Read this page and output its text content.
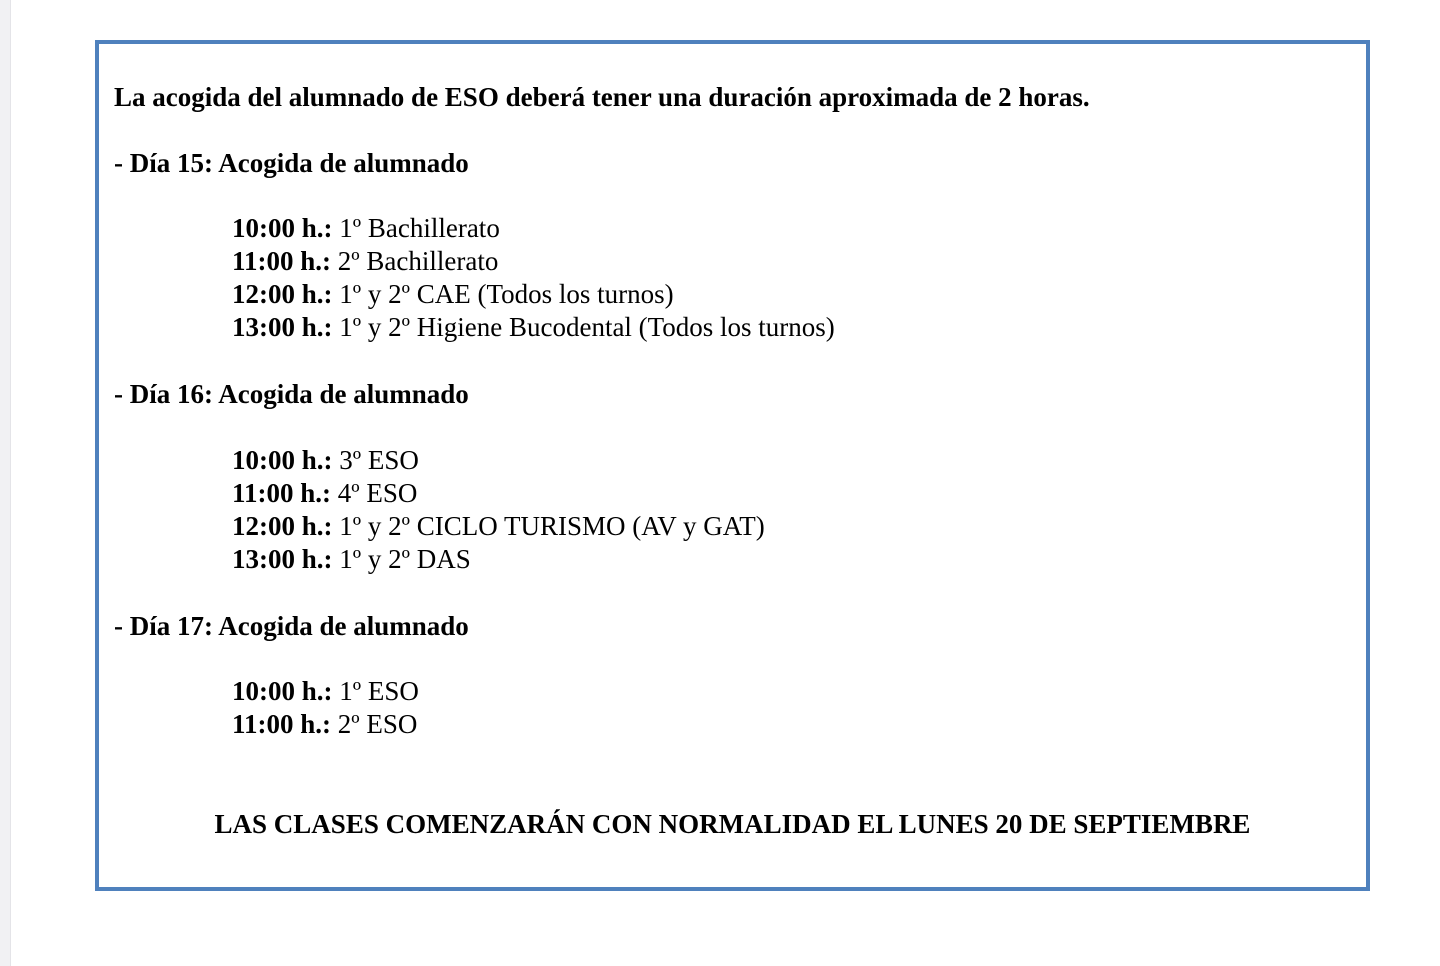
La acogida del alumnado de ESO deberá tener una duración aproximada de 2 horas.

- Día 15: Acogida de alumnado

10:00 h.: 1º Bachillerato

11:00 h.: 2º Bachillerato

12:00 h.: 1º y 2º CAE (Todos los turnos)

13:00 h.: 1º y 2º Higiene Bucodental (Todos los turnos)

- Día 16: Acogida de alumnado

10:00 h.: 3º ESO

11:00 h.: 4º ESO

12:00 h.: 1º y 2º CICLO TURISMO (AV y GAT)

13:00 h.: 1º y 2º DAS

- Día 17: Acogida de alumnado

10:00 h.: 1º ESO

11:00 h.: 2º ESO

LAS CLASES COMENZARÁN CON NORMALIDAD EL LUNES 20 DE SEPTIEMBRE
